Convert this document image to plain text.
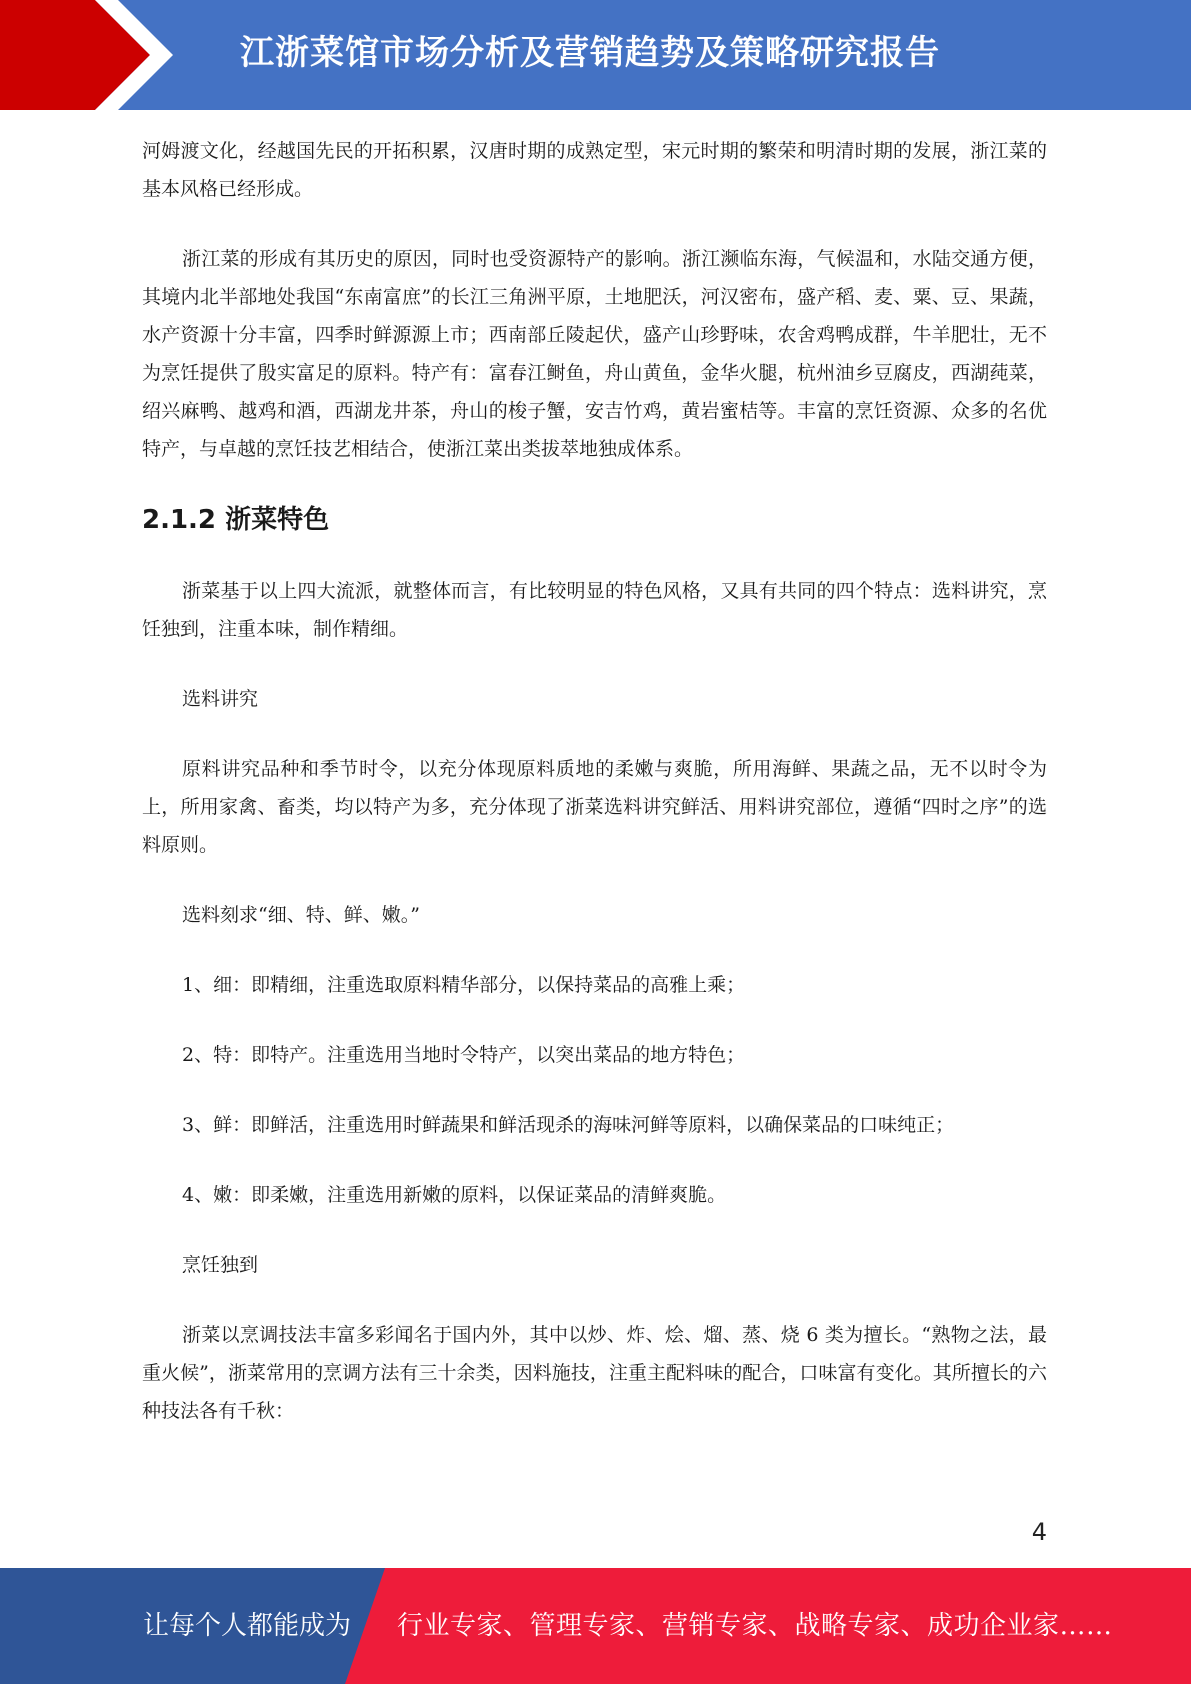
江浙菜馆市场分析及营销趋势及策略研究报告

河姆渡文化，经越国先民的开拓积累，汉唐时期的成熟定型，宋元时期的繁荣和明清时期的发展，浙江菜的基本风格已经形成。

浙江菜的形成有其历史的原因，同时也受资源特产的影响。浙江濒临东海，气候温和，水陆交通方便，其境内北半部地处我国“东南富庶”的长江三角洲平原，土地肥沃，河汉密布，盛产稻、麦、粟、豆、果蔬，水产资源十分丰富，四季时鲜源源上市；西南部丘陵起伏，盛产山珍野味，农舍鸡鸭成群，牛羊肥壮，无不为烹饪提供了殷实富足的原料。特产有：富春江鲥鱼，舟山黄鱼，金华火腿，杭州油乡豆腐皮，西湖莼菜，绍兴麻鸭、越鸡和酒，西湖龙井茶，舟山的梭子蟹，安吉竹鸡，黄岩蜜桔等。丰富的烹饪资源、众多的名优特产，与卓越的烹饪技艺相结合，使浙江菜出类拔萃地独成体系。

2.1.2 浙菜特色

浙菜基于以上四大流派，就整体而言，有比较明显的特色风格，又具有共同的四个特点：选料讲究，烹饪独到，注重本味，制作精细。

选料讲究

原料讲究品种和季节时令，以充分体现原料质地的柔嫩与爽脆，所用海鲜、果蔬之品，无不以时令为上，所用家禽、畜类，均以特产为多，充分体现了浙菜选料讲究鲜活、用料讲究部位，遵循“四时之序”的选料原则。

选料刻求“细、特、鲜、嫩。”

1、细：即精细，注重选取原料精华部分，以保持菜品的高雅上乘；

2、特：即特产。注重选用当地时令特产，以突出菜品的地方特色；

3、鲜：即鲜活，注重选用时鲜蔬果和鲜活现杀的海味河鲜等原料，以确保菜品的口味纯正；

4、嫩：即柔嫩，注重选用新嫩的原料，以保证菜品的清鲜爽脆。

烹饪独到

浙菜以烹调技法丰富多彩闻名于国内外，其中以炒、炸、烩、熘、蒸、烧 6 类为擅长。“熟物之法，最重火候”，浙菜常用的烹调方法有三十余类，因料施技，注重主配料味的配合，口味富有变化。其所擅长的六种技法各有千秋：

4
让每个人都能成为 行业专家、管理专家、营销专家、战略专家、成功企业家……
